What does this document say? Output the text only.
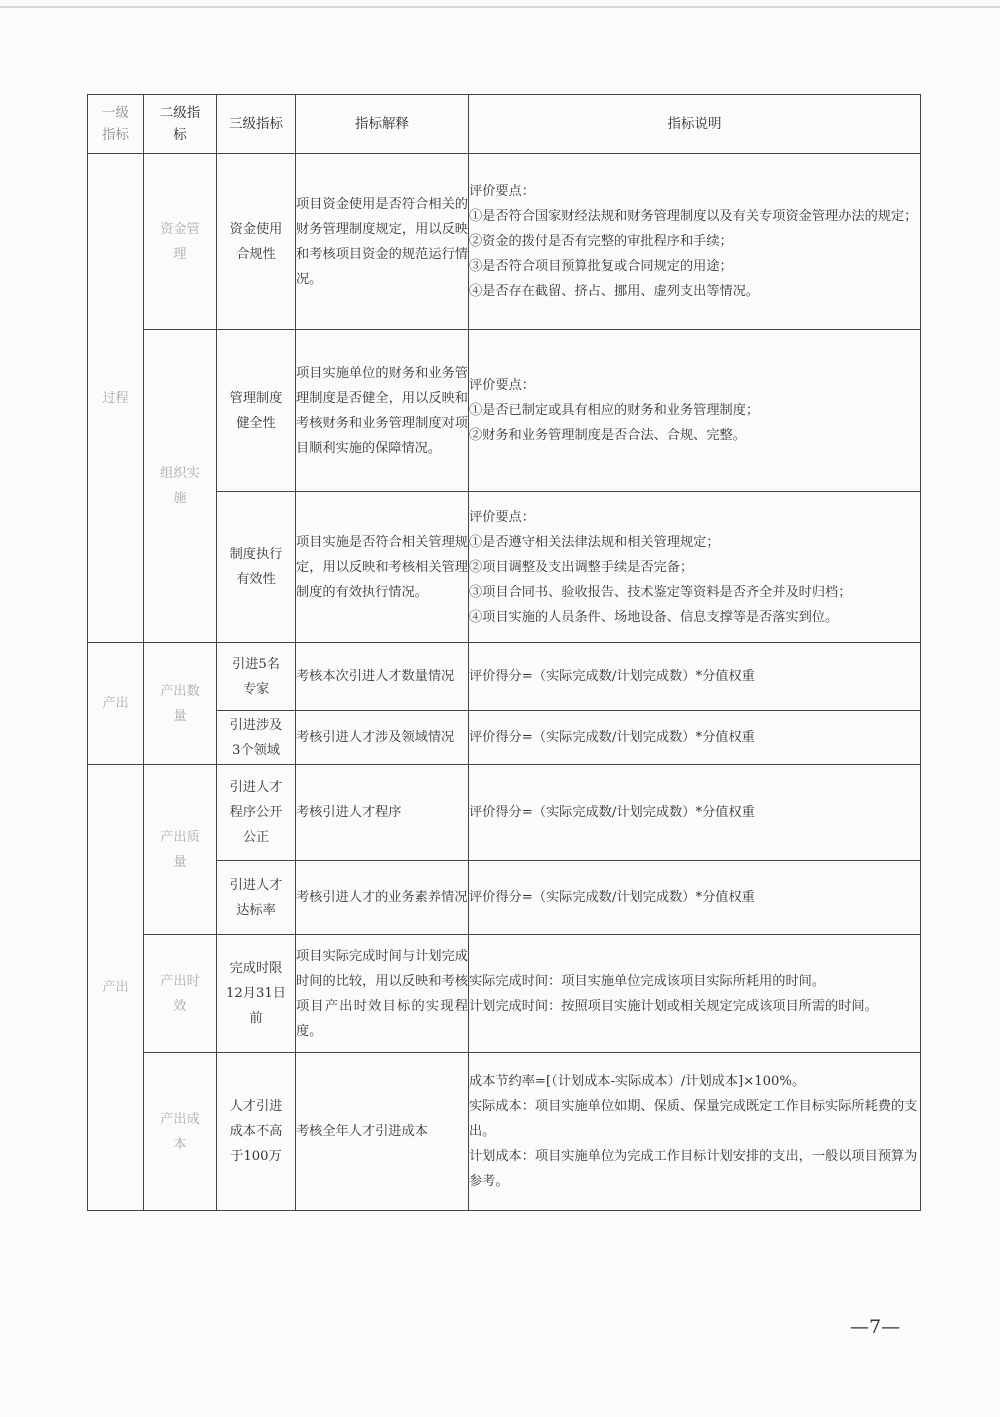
一级指标	二级指标	三级指标	指标解释	指标说明
过程	资金管理	资金使用合规性	项目资金使用是否符合相关的财务管理制度规定，用以反映和考核项目资金的规范运行情况。	评价要点：
①是否符合国家财经法规和财务管理制度以及有关专项资金管理办法的规定；
②资金的拨付是否有完整的审批程序和手续；
③是否符合项目预算批复或合同规定的用途；
④是否存在截留、挤占、挪用、虚列支出等情况。

	组织实施	管理制度健全性	项目实施单位的财务和业务管理制度是否健全，用以反映和考核财务和业务管理制度对项目顺利实施的保障情况。	评价要点：
①是否已制定或具有相应的财务和业务管理制度；
②财务和业务管理制度是否合法、合规、完整。

		制度执行有效性	项目实施是否符合相关管理规定，用以反映和考核相关管理制度的有效执行情况。	评价要点：
①是否遵守相关法律法规和相关管理规定；
②项目调整及支出调整手续是否完备；
③项目合同书、验收报告、技术鉴定等资料是否齐全并及时归档；
④项目实施的人员条件、场地设备、信息支撑等是否落实到位。

产出	产出数量	引进5名专家	考核本次引进人才数量情况	评价得分=（实际完成数/计划完成数）*分值权重

		引进涉及3个领域	考核引进人才涉及领域情况	评价得分=（实际完成数/计划完成数）*分值权重
产出	产出质量	引进人才程序公开公正	考核引进人才程序	评价得分=（实际完成数/计划完成数）*分值权重

		引进人才达标率	考核引进人才的业务素养情况	评价得分=（实际完成数/计划完成数）*分值权重

	产出时效	完成时限12月31日前	项目实际完成时间与计划完成时间的比较，用以反映和考核项目产出时效目标的实现程度。	实际完成时间：项目实施单位完成该项目实际所耗用的时间。
计划完成时间：按照项目实施计划或相关规定完成该项目所需的时间。

	产出成本	人才引进成本不高于100万	考核全年人才引进成本	成本节约率=[（计划成本-实际成本）/计划成本]×100%。
实际成本：项目实施单位如期、保质、保量完成既定工作目标实际所耗费的支出。
计划成本：项目实施单位为完成工作目标计划安排的支出，一般以项目预算为参考。
—7—
